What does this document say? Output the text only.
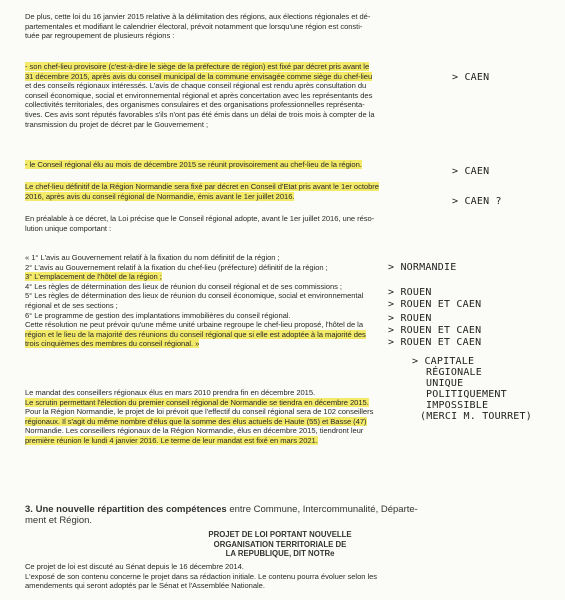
De plus, cette loi du 16 janvier 2015 relative à la délimitation des régions, aux élections régionales et dé-
partementales et modifiant le calendrier électoral, prévoit notamment que lorsqu'une région est consti-
tuée par regroupement de plusieurs régions :
- son chef-lieu provisoire (c'est-à-dire le siège de la préfecture de région) est fixé par décret pris avant le
31 décembre 2015, après avis du conseil municipal de la commune envisagée comme siège du chef-lieu
et des conseils régionaux intéressés. L'avis de chaque conseil régional est rendu après consultation du
conseil économique, social et environnemental régional et après concertation avec les représentants des
collectivités territoriales, des organismes consulaires et des organisations professionnelles représenta-
tives. Ces avis sont réputés favorables s'ils n'ont pas été émis dans un délai de trois mois à compter de la
transmission du projet de décret par le Gouvernement ;
- le Conseil régional élu au mois de décembre 2015 se réunit provisoirement au chef-lieu de la région.
Le chef-lieu définitif de la Région Normandie sera fixé par décret en Conseil d'Etat pris avant le 1er octobre
2016, après avis du conseil régional de Normandie, émis avant le 1er juillet 2016.
En préalable à ce décret, la Loi précise que le Conseil régional adopte, avant le 1er juillet 2016, une réso-
lution unique comportant :
« 1° L'avis au Gouvernement relatif à la fixation du nom définitif de la région ;
2° L'avis au Gouvernement relatif à la fixation du chef-lieu (préfecture) définitif de la région ;
3° L'emplacement de l'hôtel de la région ;
4° Les règles de détermination des lieux de réunion du conseil régional et de ses commissions ;
5° Les règles de détermination des lieux de réunion du conseil économique, social et environnemental
régional et de ses sections ;
6° Le programme de gestion des implantations immobilières du conseil régional.
Cette résolution ne peut prévoir qu'une même unité urbaine regroupe le chef-lieu proposé, l'hôtel de la
région et le lieu de la majorité des réunions du conseil régional que si elle est adoptée à la majorité des
trois cinquièmes des membres du conseil régional. »
Le mandat des conseillers régionaux élus en mars 2010 prendra fin en décembre 2015.
Le scrutin permettant l'élection du premier conseil régional de Normandie se tiendra en décembre 2015.
Pour la Région Normandie, le projet de loi prévoit que l'effectif du conseil régional sera de 102 conseillers
régionaux. Il s'agit du même nombre d'élus que la somme des élus actuels de Haute (55) et Basse (47)
Normandie. Les conseillers régionaux de la Région Normandie, élus en décembre 2015, tiendront leur
première réunion le lundi 4 janvier 2016. Le terme de leur mandat est fixé en mars 2021.
3. Une nouvelle répartition des compétences entre Commune, Intercommunalité, Départe-
ment et Région.
PROJET DE LOI PORTANT NOUVELLE
ORGANISATION TERRITORIALE DE
LA REPUBLIQUE, DIT NOTRe
Ce projet de loi est discuté au Sénat depuis le 16 décembre 2014.
L'exposé de son contenu concerne le projet dans sa rédaction initiale. Le contenu pourra évoluer selon les
amendements qui seront adoptés par le Sénat et l'Assemblée Nationale.
> CAEN
> CAEN
> CAEN ?
> NORMANDIE
> ROUEN
> ROUEN ET CAEN
> ROUEN
> ROUEN ET CAEN
> ROUEN ET CAEN
> CAPITALE
RÉGIONALE
UNIQUE
POLITIQUEMENT
IMPOSSIBLE
(MERCI M. TOURRET)
